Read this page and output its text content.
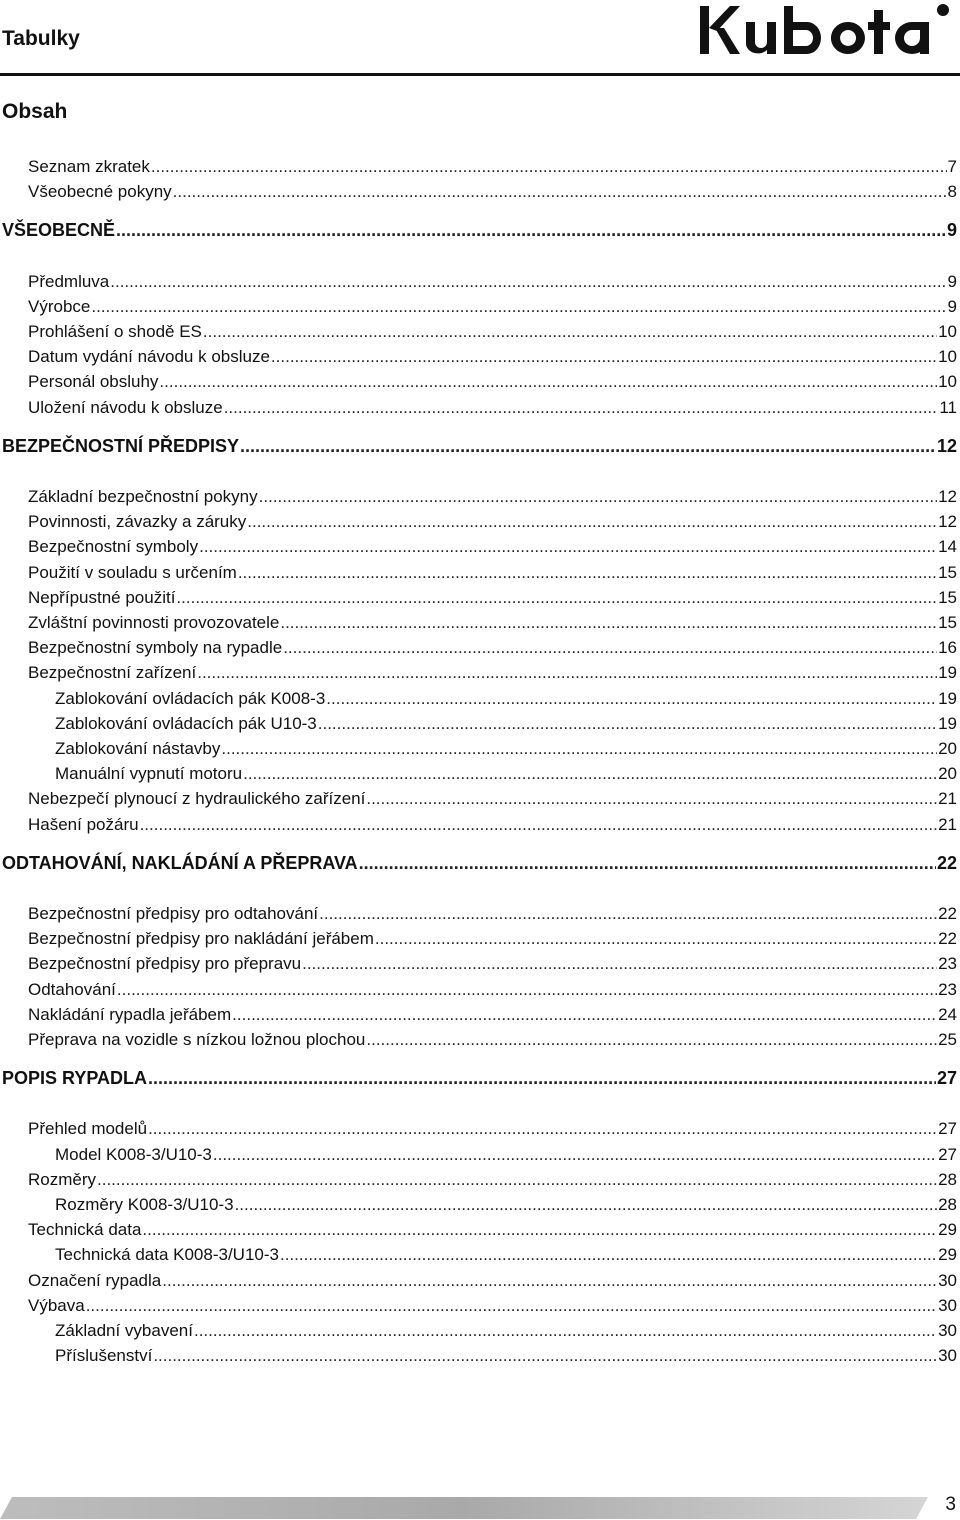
Tabulky
Obsah
Seznam zkratek .....	7
Všeobecné pokyny .....	8
VŠEOBECNĚ .....	9
Předmluva .....	9
Výrobce .....	9
Prohlášení o shodě ES .....	10
Datum vydání návodu k obsluze .....	10
Personál obsluhy .....	10
Uložení návodu k obsluze .....	11
BEZPEČNOSTNÍ PŘEDPISY .....	12
Základní bezpečnostní pokyny .....	12
Povinnosti, závazky a záruky .....	12
Bezpečnostní symboly .....	14
Použití v souladu s určením .....	15
Nepřípustné použití .....	15
Zvláštní povinnosti provozovatele .....	15
Bezpečnostní symboly na rypadle .....	16
Bezpečnostní zařízení .....	19
Zablokování ovládacích pák K008-3 .....	19
Zablokování ovládacích pák U10-3 .....	19
Zablokování nástavby .....	20
Manuální vypnutí motoru .....	20
Nebezpečí plynoucí z hydraulického zařízení .....	21
Hašení požáru .....	21
ODTAHOVÁNÍ, NAKLÁDÁNÍ A PŘEPRAVA .....	22
Bezpečnostní předpisy pro odtahování .....	22
Bezpečnostní předpisy pro nakládání jeřábem .....	22
Bezpečnostní předpisy pro přepravu .....	23
Odtahování .....	23
Nakládání rypadla jeřábem .....	24
Přeprava na vozidle s nízkou ložnou plochou .....	25
POPIS RYPADLA .....	27
Přehled modelů .....	27
Model K008-3/U10-3 .....	27
Rozměry .....	28
Rozměry K008-3/U10-3 .....	28
Technická data .....	29
Technická data K008-3/U10-3 .....	29
Označení rypadla .....	30
Výbava .....	30
Základní vybavení .....	30
Příslušenství .....	30
3
